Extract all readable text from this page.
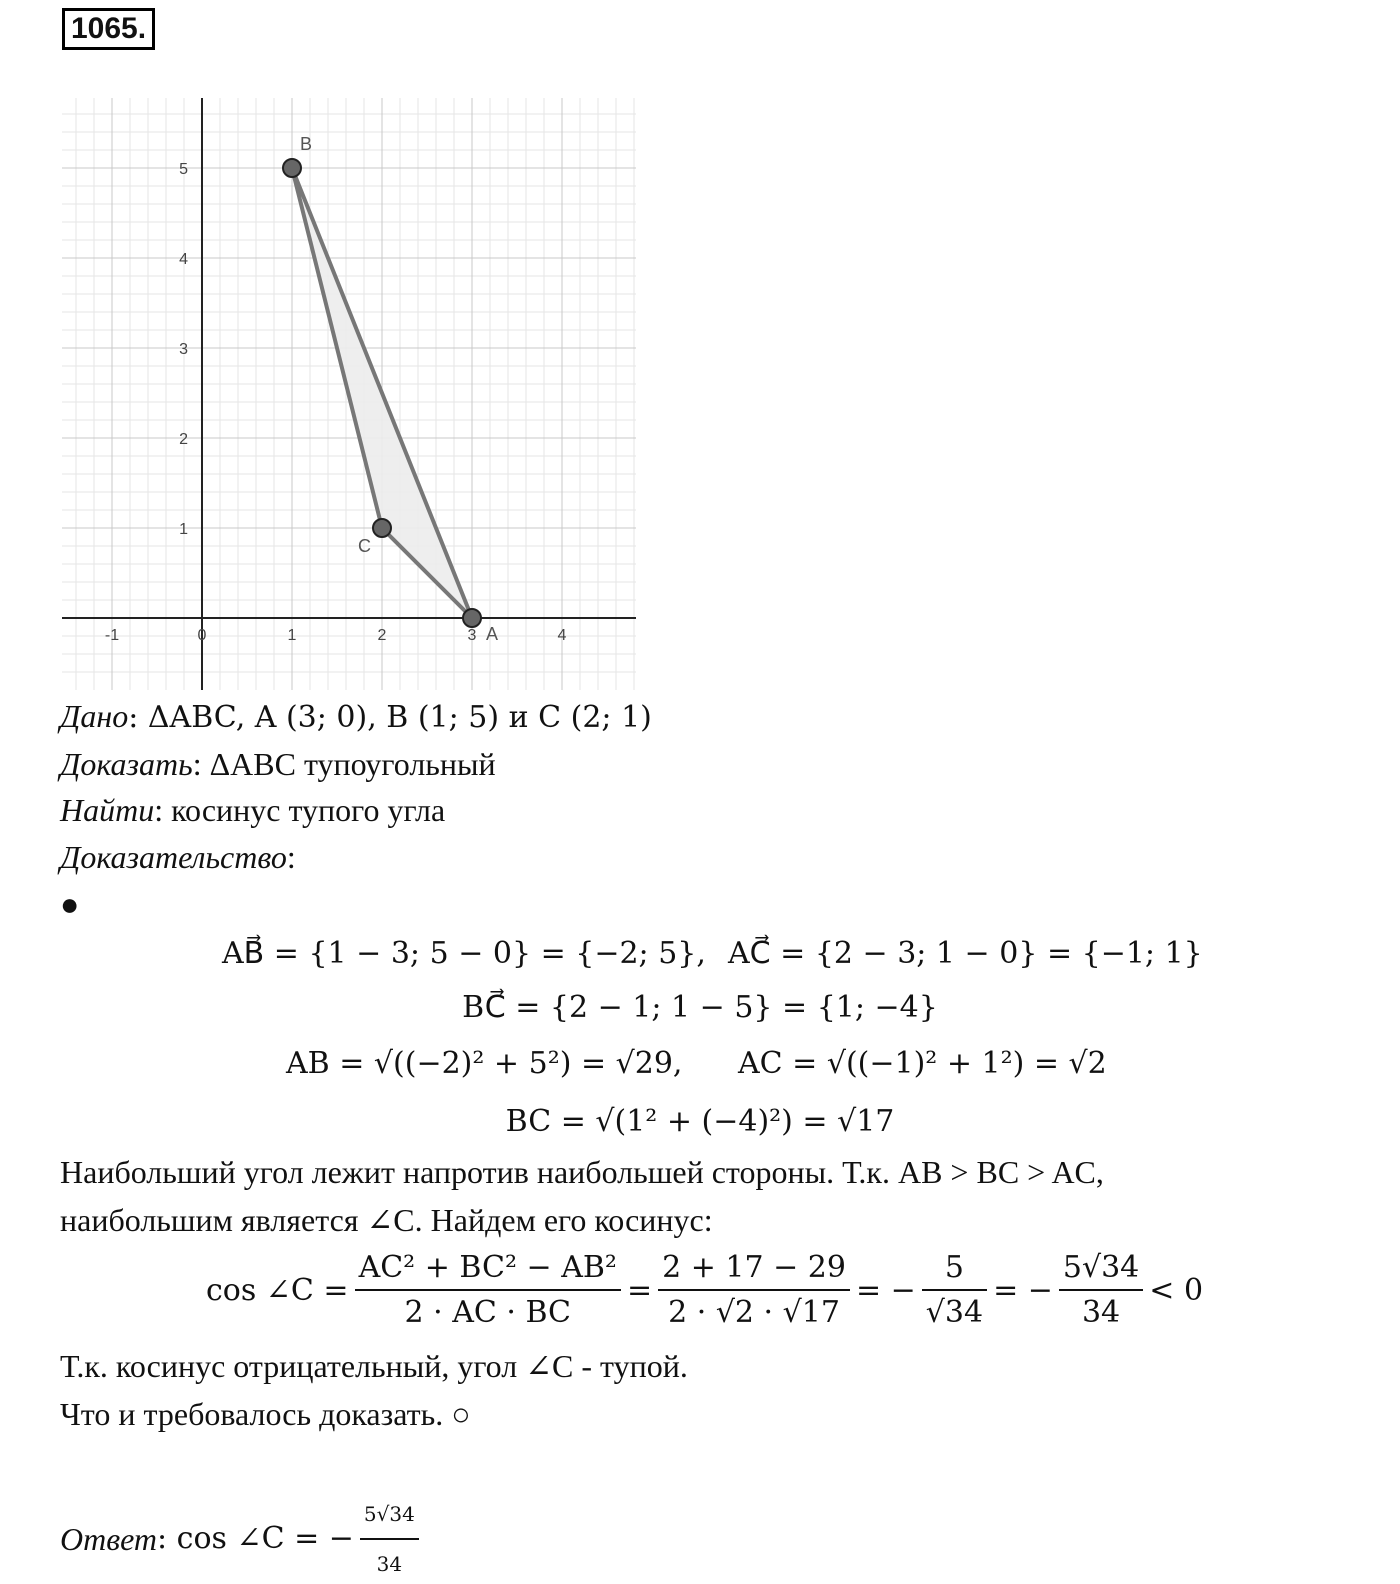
1065.
-1	0	1	2	3	4
1
2
3
4
5
A
B
C
Дано: ΔABC, A (3; 0), B (1; 5) и C (2; 1)
Доказать: ΔABC тупоугольный
Найти: косинус тупого угла
Доказательство:
●
AB⃗ = {1 − 3; 5 − 0} = {−2; 5}, AC⃗ = {2 − 3; 1 − 0} = {−1; 1}
BC⃗ = {2 − 1; 1 − 5} = {1; −4}
AB = √((−2)² + 5²) = √29, AC = √((−1)² + 1²) = √2
BC = √(1² + (−4)²) = √17
Наибольший угол лежит напротив наибольшей стороны. Т.к. AB > BC > AC,
наибольшим является ∠C. Найдем его косинус:
cos ∠C = $\frac{\text{AC² + BC² − AB²}}{2 \cdot AC \cdot BC} = \frac{2 + 17 - 29}{2 \cdot √2 \cdot √17}$ = − $\frac{5}{√34}$ = − $\frac{5√34}{34} < 0$
Т.к. косинус отрицательный, угол ∠C - тупой.
Что и требовалось доказать. ○
Ответ : cos ∠C = − $\frac{5√34}{34}$
